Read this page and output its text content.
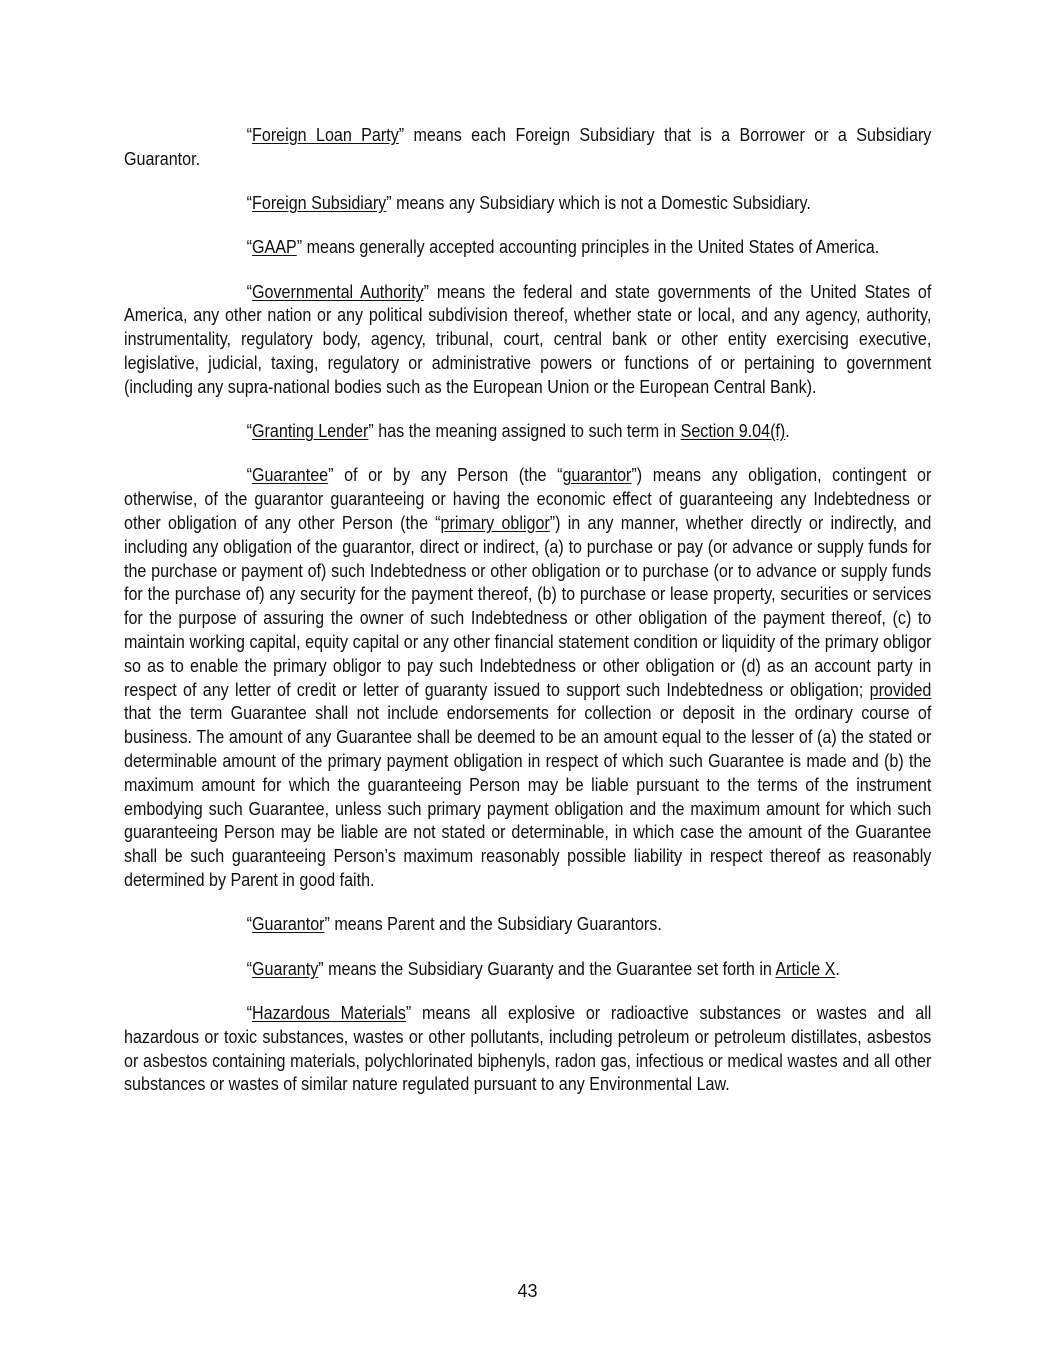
“Foreign Loan Party” means each Foreign Subsidiary that is a Borrower or a Subsidiary Guarantor.

“Foreign Subsidiary” means any Subsidiary which is not a Domestic Subsidiary.

“GAAP” means generally accepted accounting principles in the United States of America.

“Governmental Authority” means the federal and state governments of the United States of America, any other nation or any political subdivision thereof, whether state or local, and any agency, authority, instrumentality, regulatory body, agency, tribunal, court, central bank or other entity exercising executive, legislative, judicial, taxing, regulatory or administrative powers or functions of or pertaining to government (including any supra-national bodies such as the European Union or the European Central Bank).

“Granting Lender” has the meaning assigned to such term in Section 9.04(f).

“Guarantee” of or by any Person (the “guarantor”) means any obligation, contingent or otherwise, of the guarantor guaranteeing or having the economic effect of guaranteeing any Indebtedness or other obligation of any other Person (the “primary obligor”) in any manner, whether directly or indirectly, and including any obligation of the guarantor, direct or indirect, (a) to purchase or pay (or advance or supply funds for the purchase or payment of) such Indebtedness or other obligation or to purchase (or to advance or supply funds for the purchase of) any security for the payment thereof, (b) to purchase or lease property, securities or services for the purpose of assuring the owner of such Indebtedness or other obligation of the payment thereof, (c) to maintain working capital, equity capital or any other financial statement condition or liquidity of the primary obligor so as to enable the primary obligor to pay such Indebtedness or other obligation or (d) as an account party in respect of any letter of credit or letter of guaranty issued to support such Indebtedness or obligation; provided that the term Guarantee shall not include endorsements for collection or deposit in the ordinary course of business. The amount of any Guarantee shall be deemed to be an amount equal to the lesser of (a) the stated or determinable amount of the primary payment obligation in respect of which such Guarantee is made and (b) the maximum amount for which the guaranteeing Person may be liable pursuant to the terms of the instrument embodying such Guarantee, unless such primary payment obligation and the maximum amount for which such guaranteeing Person may be liable are not stated or determinable, in which case the amount of the Guarantee shall be such guaranteeing Person’s maximum reasonably possible liability in respect thereof as reasonably determined by Parent in good faith.

“Guarantor” means Parent and the Subsidiary Guarantors.

“Guaranty” means the Subsidiary Guaranty and the Guarantee set forth in Article X.

“Hazardous Materials” means all explosive or radioactive substances or wastes and all hazardous or toxic substances, wastes or other pollutants, including petroleum or petroleum distillates, asbestos or asbestos containing materials, polychlorinated biphenyls, radon gas, infectious or medical wastes and all other substances or wastes of similar nature regulated pursuant to any Environmental Law.

43
